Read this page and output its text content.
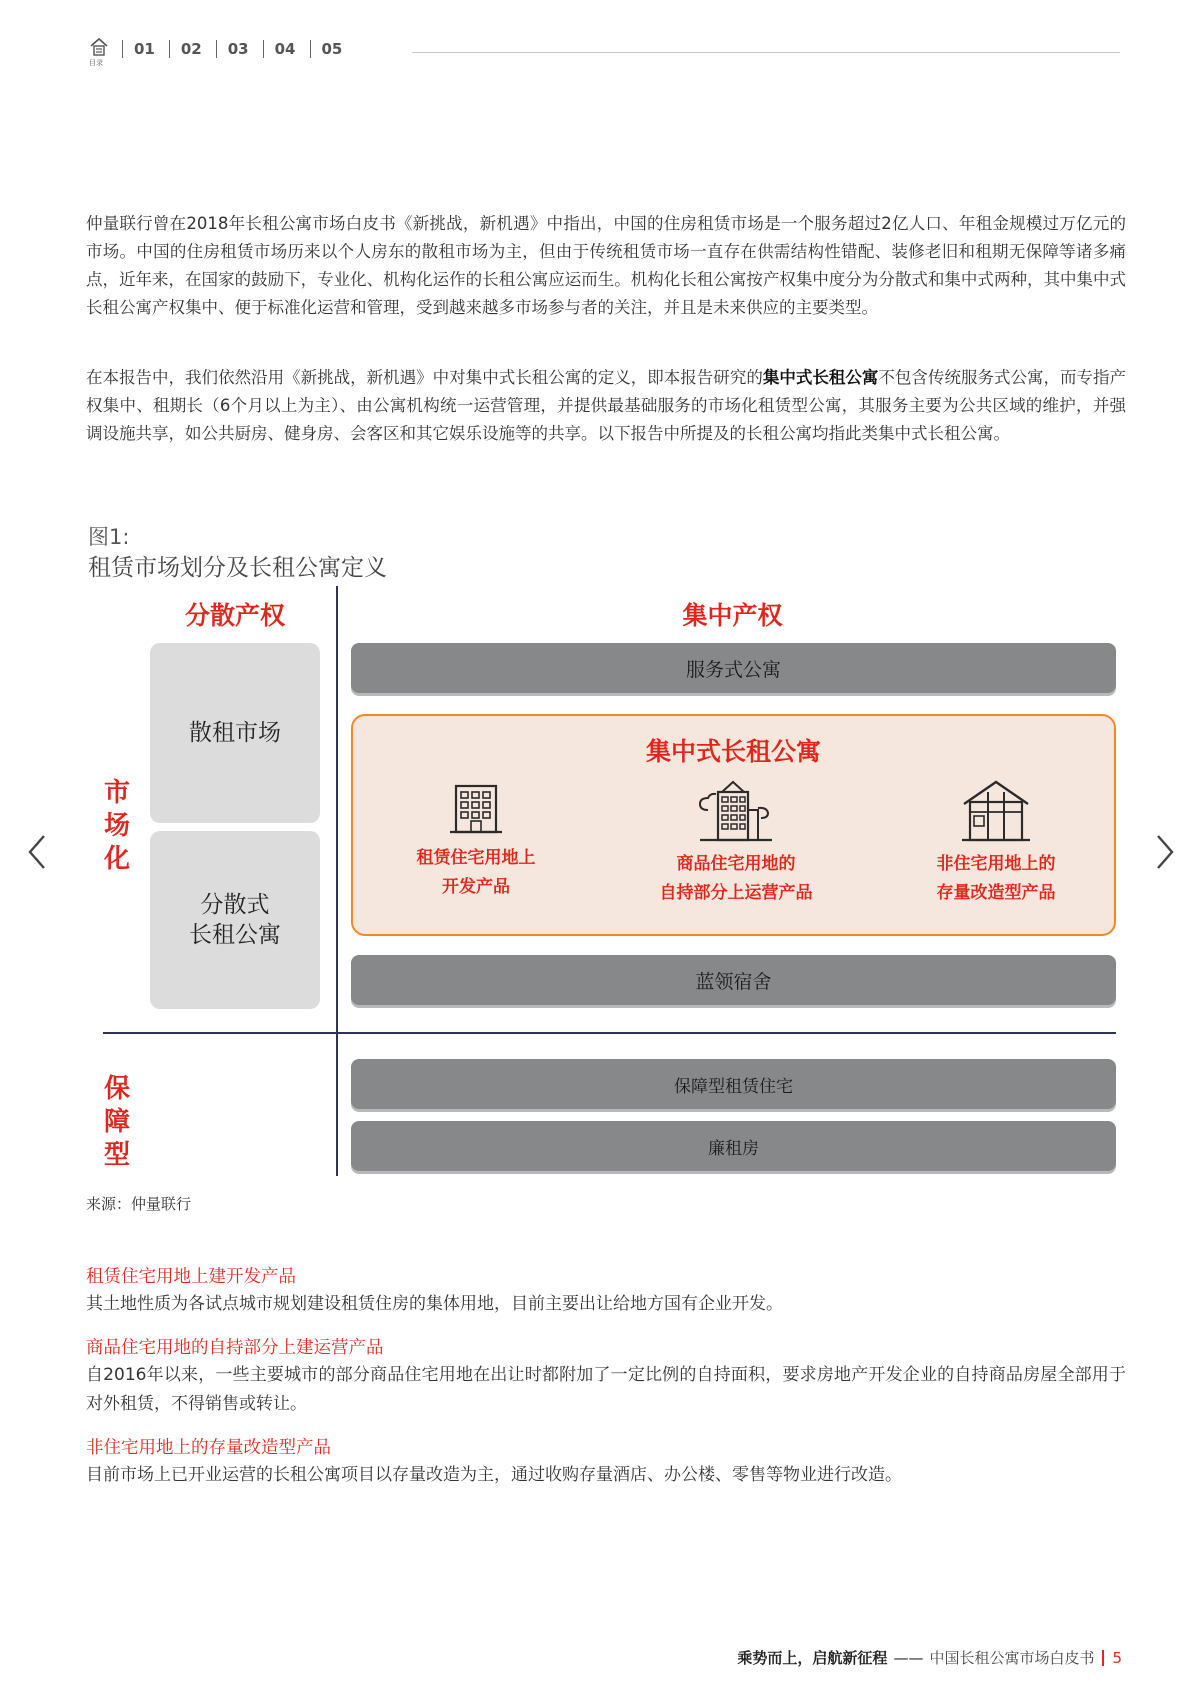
目录
01 02 03 04 05

仲量联行曾在2018年长租公寓市场白皮书《新挑战，新机遇》中指出，中国的住房租赁市场是一个服务超过2亿人口、年租金规模过万亿元的市场。中国的住房租赁市场历来以个人房东的散租市场为主，但由于传统租赁市场一直存在供需结构性错配、装修老旧和租期无保障等诸多痛点，近年来，在国家的鼓励下，专业化、机构化运作的长租公寓应运而生。机构化长租公寓按产权集中度分为分散式和集中式两种，其中集中式长租公寓产权集中、便于标准化运营和管理，受到越来越多市场参与者的关注，并且是未来供应的主要类型。

在本报告中，我们依然沿用《新挑战，新机遇》中对集中式长租公寓的定义，即本报告研究的集中式长租公寓不包含传统服务式公寓，而专指产权集中、租期长（6个月以上为主）、由公寓机构统一运营管理，并提供最基础服务的市场化租赁型公寓，其服务主要为公共区域的维护，并强调设施共享，如公共厨房、健身房、会客区和其它娱乐设施等的共享。以下报告中所提及的长租公寓均指此类集中式长租公寓。

图1:
租赁市场划分及长租公寓定义
分散产权	集中产权
市场化
保障型
散租市场
分散式
长租公寓
服务式公寓
集中式长租公寓
租赁住宅用地上
开发产品
商品住宅用地的
自持部分上运营产品
非住宅用地上的
存量改造型产品
蓝领宿舍
保障型租赁住宅
廉租房
来源：仲量联行
租赁住宅用地上建开发产品
其土地性质为各试点城市规划建设租赁住房的集体用地，目前主要出让给地方国有企业开发。
商品住宅用地的自持部分上建运营产品
自2016年以来，一些主要城市的部分商品住宅用地在出让时都附加了一定比例的自持面积，要求房地产开发企业的自持商品房屋全部用于对外租赁，不得销售或转让。
非住宅用地上的存量改造型产品
目前市场上已开业运营的长租公寓项目以存量改造为主，通过收购存量酒店、办公楼、零售等物业进行改造。
乘势而上，启航新征程 —— 中国长租公寓市场白皮书 5
